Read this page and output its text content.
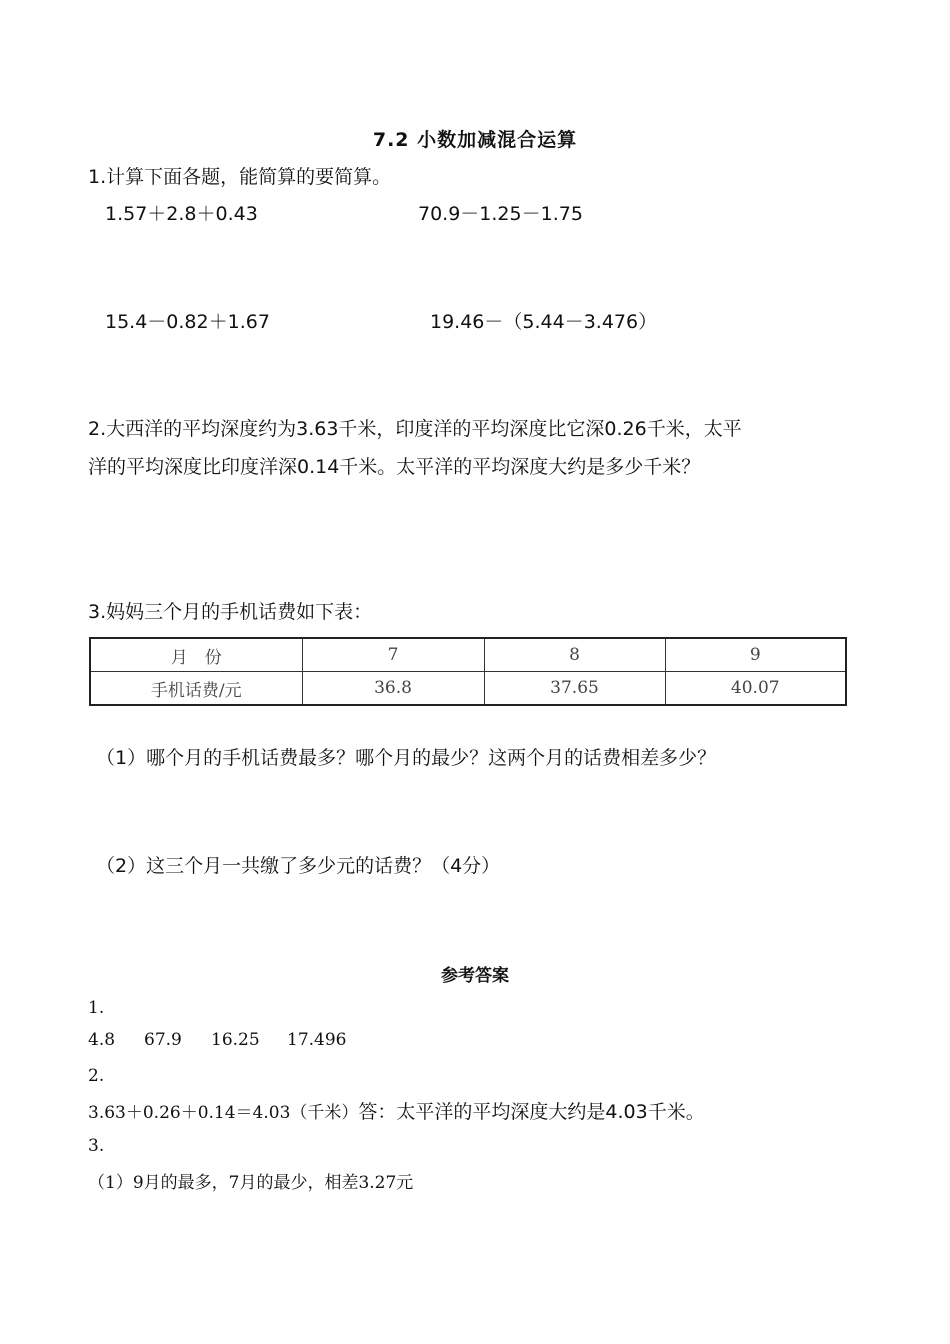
7.2 小数加减混合运算
1.计算下面各题，能简算的要简算。
1.57＋2.8＋0.43	70.9－1.25－1.75
15.4－0.82＋1.67	19.46－（5.44－3.476）
2.大西洋的平均深度约为3.63千米，印度洋的平均深度比它深0.26千米，太平
洋的平均深度比印度洋深0.14千米。太平洋的平均深度大约是多少千米？
3.妈妈三个月的手机话费如下表：
月　份	7	8	9
手机话费/元	36.8	37.65	40.07
（1）哪个月的手机话费最多？哪个月的最少？这两个月的话费相差多少？
（2）这三个月一共缴了多少元的话费？（4分）
参考答案
1.
4.8 67.9 16.25 17.496
2.
3.63＋0.26＋0.14＝4.03（千米）答：太平洋的平均深度大约是4.03千米。
3.
（1）9月的最多，7月的最少，相差3.27元
